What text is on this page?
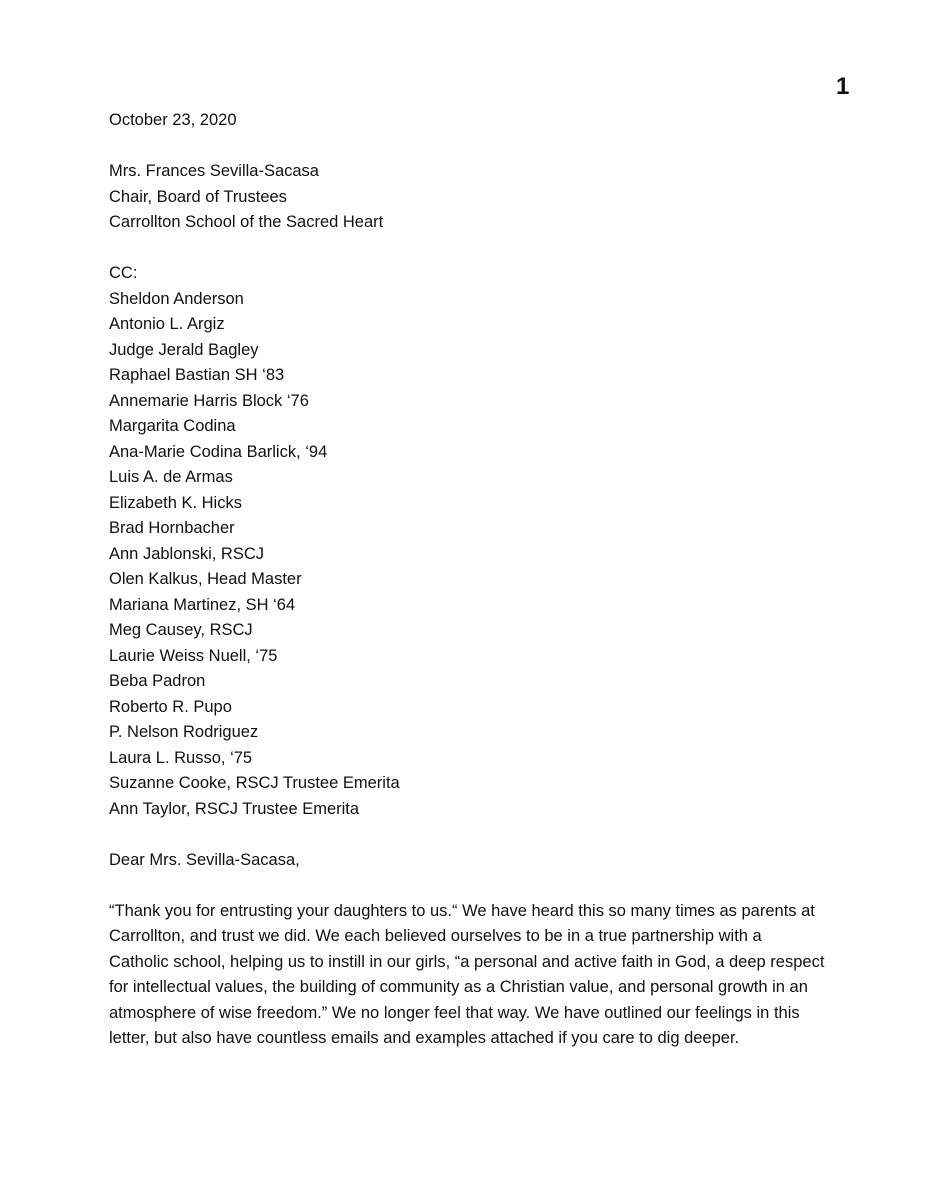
1

October 23, 2020
Mrs. Frances Sevilla-Sacasa
Chair, Board of Trustees
Carrollton School of the Sacred Heart
CC:
Sheldon Anderson
Antonio L. Argiz
Judge Jerald Bagley
Raphael Bastian SH ‘83
Annemarie Harris Block ‘76
Margarita Codina
Ana-Marie Codina Barlick, ‘94
Luis A. de Armas
Elizabeth K. Hicks
Brad Hornbacher
Ann Jablonski, RSCJ
Olen Kalkus, Head Master
Mariana Martinez, SH ‘64
Meg Causey, RSCJ
Laurie Weiss Nuell, ‘75
Beba Padron
Roberto R. Pupo
P. Nelson Rodriguez
Laura L. Russo, ‘75
Suzanne Cooke, RSCJ Trustee Emerita
Ann Taylor, RSCJ Trustee Emerita
Dear Mrs. Sevilla-Sacasa,
“Thank you for entrusting your daughters to us.“ We have heard this so many times as parents at
Carrollton, and trust we did. We each believed ourselves to be in a true partnership with a
Catholic school, helping us to instill in our girls, “a personal and active faith in God, a deep respect
for intellectual values, the building of community as a Christian value, and personal growth in an
atmosphere of wise freedom.” We no longer feel that way. We have outlined our feelings in this
letter, but also have countless emails and examples attached if you care to dig deeper.
